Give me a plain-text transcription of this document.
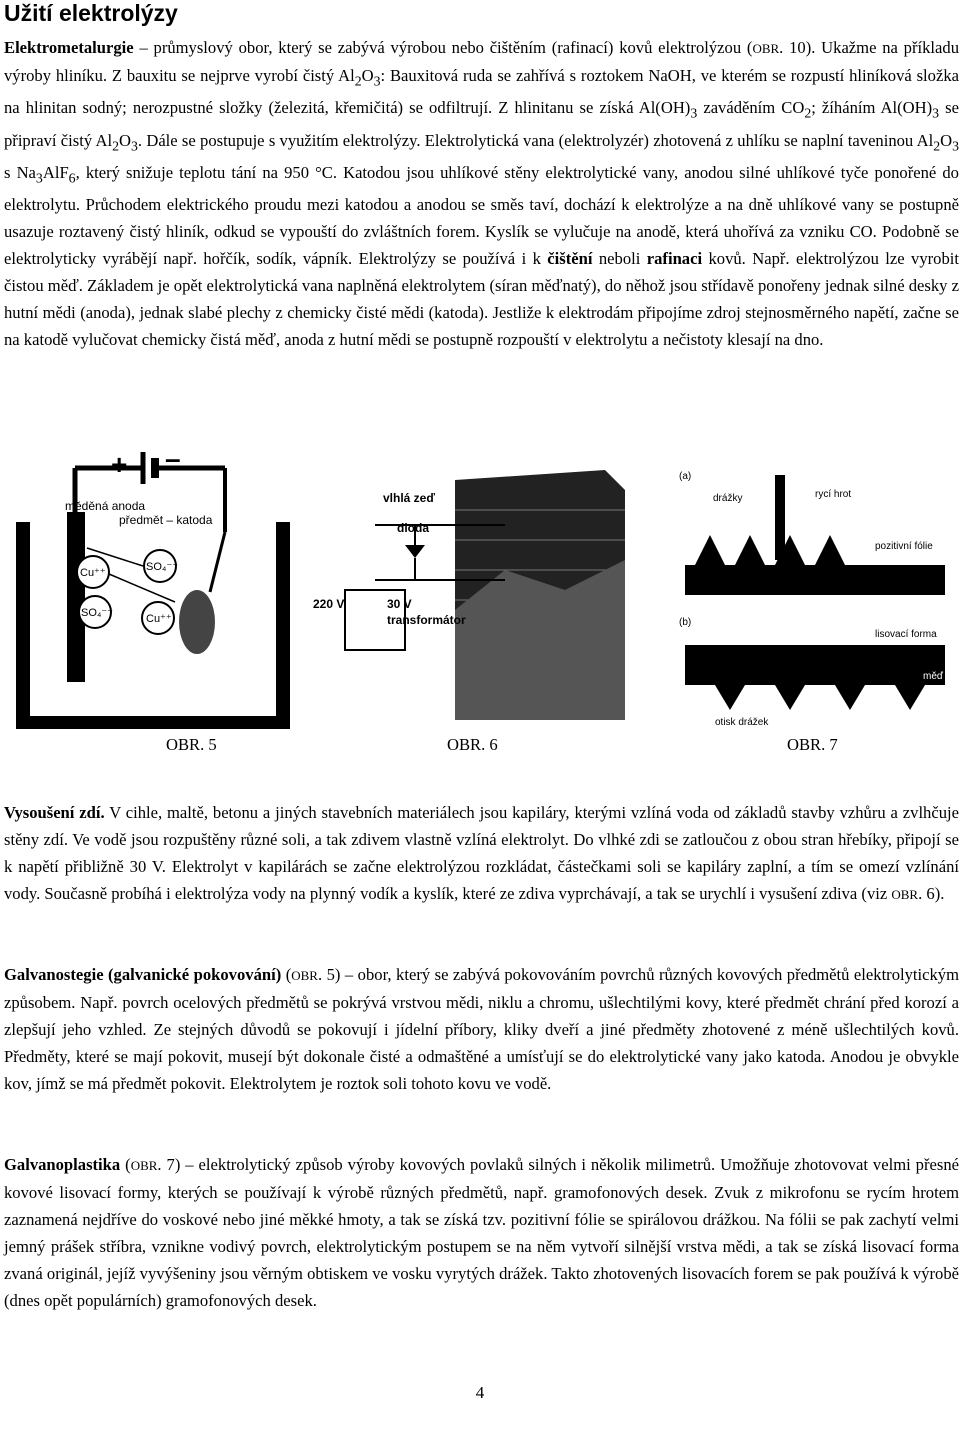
Užití elektrolýzy

Elektrometalurgie – průmyslový obor, který se zabývá výrobou nebo čištěním (rafinací) kovů elektrolýzou (OBR. 10). Ukažme na příkladu výroby hliníku. Z bauxitu se nejprve vyrobí čistý $Al_2O_3$: Bauxitová ruda se zahřívá s roztokem NaOH, ve kterém se rozpustí hliníková složka na hlinitan sodný; nerozpustné složky (železitá, křemičitá) se odfiltrují. Z hlinitanu se získá $Al(OH)_3$ zaváděním $CO_2$; žíháním $Al(OH)_3$ se připraví čistý $Al_2O_3$. Dále se postupuje s využitím elektrolýzy. Elektrolytická vana (elektrolyzér) zhotovená z uhlíku se naplní taveninou $Al_2O_3$ s $Na_3AlF_6$, který snižuje teplotu tání na 950 °C. Katodou jsou uhlíkové stěny elektrolytické vany, anodou silné uhlíkové tyče ponořené do elektrolytu. Průchodem elektrického proudu mezi katodou a anodou se směs taví, dochází k elektrolýze a na dně uhlíkové vany se postupně usazuje roztavený čistý hliník, odkud se vypouští do zvláštních forem. Kyslík se vylučuje na anodě, která uhořívá za vzniku CO. Podobně se elektrolyticky vyrábějí např. hořčík, sodík, vápník. Elektrolýzy se používá i k čištění neboli rafinaci kovů. Např. elektrolýzou lze vyrobit čistou měď. Základem je opět elektrolytická vana naplněná elektrolytem (síran měďnatý), do něhož jsou střídavě ponořeny jednak silné desky z hutní mědi (anoda), jednak slabé plechy z chemicky čisté mědi (katoda). Jestliže k elektrodám připojíme zdroj stejnosměrného napětí, začne se na katodě vylučovat chemicky čistá měď, anoda z hutní mědi se postupně rozpouští v elektrolytu a nečistoty klesají na dno.

+ –
měděná anoda
předmět – katoda
Cu⁺⁺	SO₄⁻⁻
SO₄⁻⁻	Cu⁺⁺
vlhlá zeď
dioda
220 V	30 V
transformátor
(a)
(b)
drážky	rycí hrot
pozitivní fólie
vosk
lisovací forma
měď
otisk drážek
OBR. 5	OBR. 6	OBR. 7

Vysoušení zdí. V cihle, maltě, betonu a jiných stavebních materiálech jsou kapiláry, kterými vzlíná voda od základů stavby vzhůru a zvlhčuje stěny zdí. Ve vodě jsou rozpuštěny různé soli, a tak zdivem vlastně vzlíná elektrolyt. Do vlhké zdi se zatloučou z obou stran hřebíky, připojí se k napětí přibližně 30 V. Elektrolyt v kapilárách se začne elektrolýzou rozkládat, částečkami soli se kapiláry zaplní, a tím se omezí vzlínání vody. Současně probíhá i elektrolýza vody na plynný vodík a kyslík, které ze zdiva vyprchávají, a tak se urychlí i vysušení zdiva (viz OBR. 6).

Galvanostegie (galvanické pokovování) (OBR. 5) – obor, který se zabývá pokovováním povrchů různých kovových předmětů elektrolytickým způsobem. Např. povrch ocelových předmětů se pokrývá vrstvou mědi, niklu a chromu, ušlechtilými kovy, které předmět chrání před korozí a zlepšují jeho vzhled. Ze stejných důvodů se pokovují i jídelní příbory, kliky dveří a jiné předměty zhotovené z méně ušlechtilých kovů. Předměty, které se mají pokovit, musejí být dokonale čisté a odmaštěné a umísťují se do elektrolytické vany jako katoda. Anodou je obvykle kov, jímž se má předmět pokovit. Elektrolytem je roztok soli tohoto kovu ve vodě.

Galvanoplastika (OBR. 7) – elektrolytický způsob výroby kovových povlaků silných i několik milimetrů. Umožňuje zhotovovat velmi přesné kovové lisovací formy, kterých se používají k výrobě různých předmětů, např. gramofonových desek. Zvuk z mikrofonu se rycím hrotem zaznamená nejdříve do voskové nebo jiné měkké hmoty, a tak se získá tzv. pozitivní fólie se spirálovou drážkou. Na fólii se pak zachytí velmi jemný prášek stříbra, vznikne vodivý povrch, elektrolytickým postupem se na něm vytvoří silnější vrstva mědi, a tak se získá lisovací forma zvaná originál, jejíž vyvýšeniny jsou věrným obtiskem ve vosku vyrytých drážek. Takto zhotovených lisovacích forem se pak používá k výrobě (dnes opět populárních) gramofonových desek.

4
